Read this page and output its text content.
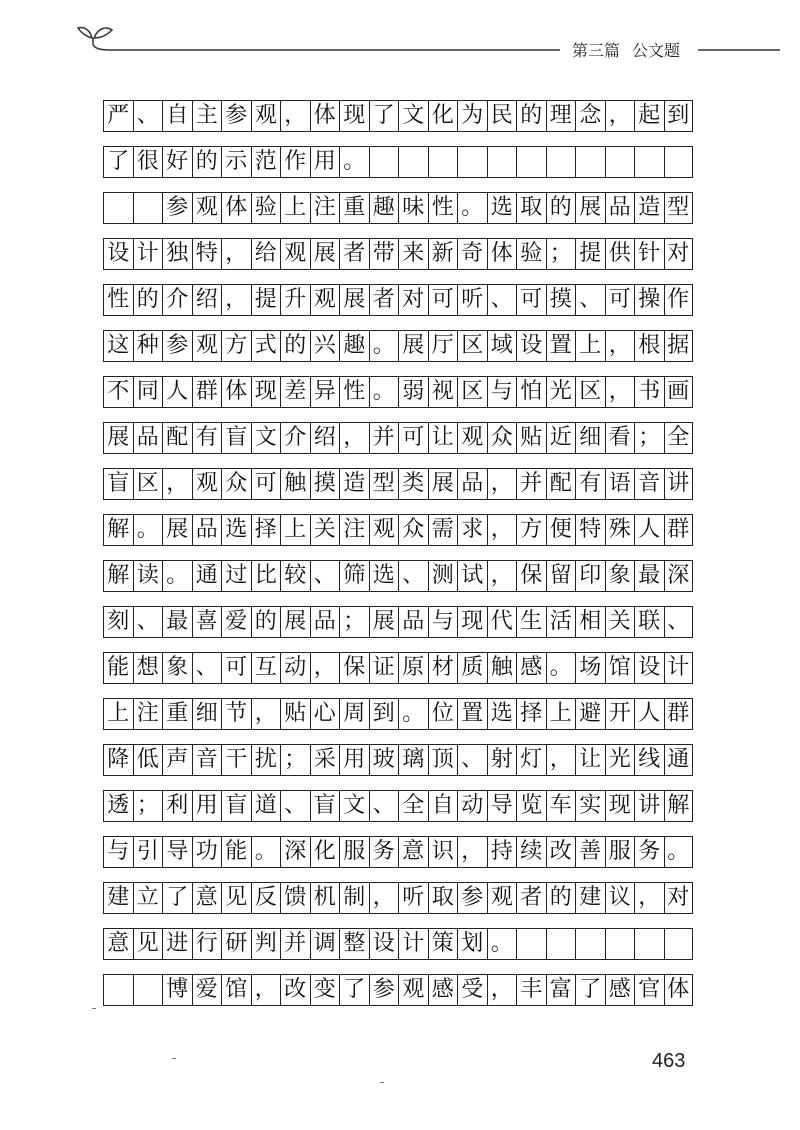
第三篇 公文题
严 、 自 主 参 观 ， 体 现 了 文 化 为 民 的 理 念 ， 起 到
了 很 好 的 示 范 作 用 。
参 观 体 验 上 注 重 趣 味 性 。 选 取 的 展 品 造 型
设 计 独 特 ， 给 观 展 者 带 来 新 奇 体 验 ； 提 供 针 对
性 的 介 绍 ， 提 升 观 展 者 对 可 听 、 可 摸 、 可 操 作
这 种 参 观 方 式 的 兴 趣 。 展 厅 区 域 设 置 上 ， 根 据
不 同 人 群 体 现 差 异 性 。 弱 视 区 与 怕 光 区 ， 书 画
展 品 配 有 盲 文 介 绍 ， 并 可 让 观 众 贴 近 细 看 ； 全
盲 区 ， 观 众 可 触 摸 造 型 类 展 品 ， 并 配 有 语 音 讲
解 。 展 品 选 择 上 关 注 观 众 需 求 ， 方 便 特 殊 人 群
解 读 。 通 过 比 较 、 筛 选 、 测 试 ， 保 留 印 象 最 深
刻 、 最 喜 爱 的 展 品 ； 展 品 与 现 代 生 活 相 关 联 、
能 想 象 、 可 互 动 ， 保 证 原 材 质 触 感 。 场 馆 设 计
上 注 重 细 节 ， 贴 心 周 到 。 位 置 选 择 上 避 开 人 群
降 低 声 音 干 扰 ； 采 用 玻 璃 顶 、 射 灯 ， 让 光 线 通
透 ； 利 用 盲 道 、 盲 文 、 全 自 动 导 览 车 实 现 讲 解
与 引 导 功 能 。 深 化 服 务 意 识 ， 持 续 改 善 服 务 。
建 立 了 意 见 反 馈 机 制 ， 听 取 参 观 者 的 建 议 ， 对
意 见 进 行 研 判 并 调 整 设 计 策 划 。
博 爱 馆 ， 改 变 了 参 观 感 受 ， 丰 富 了 感 官 体
463
